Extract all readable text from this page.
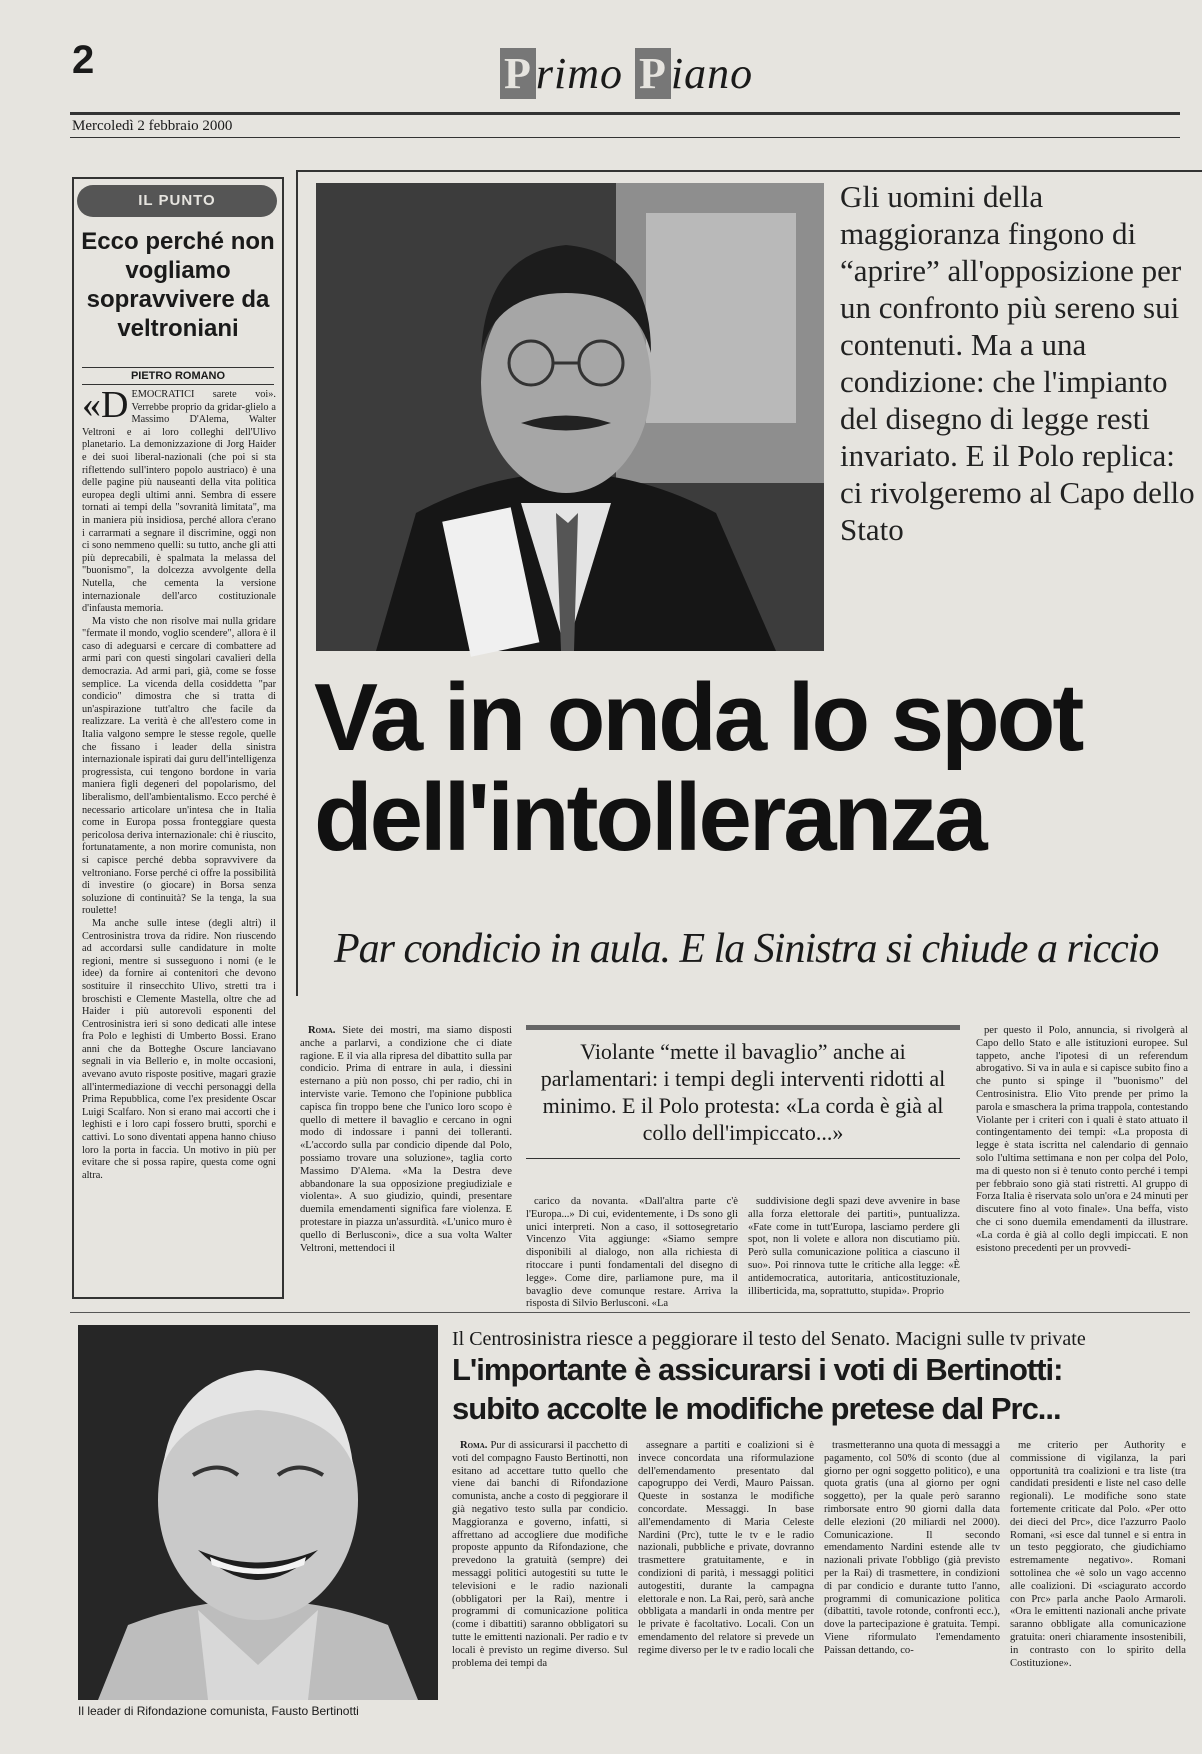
2	Primo Piano
Mercoledì 2 febbraio 2000
IL PUNTO
Ecco perché non vogliamo sopravvivere da veltroniani
PIETRO ROMANO

«DEMOCRATICI sarete voi». Verrebbe proprio da gridar-glielo a Massimo D'Alema, Walter Veltroni e ai loro colleghi dell'Ulivo planetario. La demonizzazione di Jorg Haider e dei suoi liberal-nazionali (che poi si sta riflettendo sull'intero popolo austriaco) è una delle pagine più nauseanti della vita politica europea degli ultimi anni. Sembra di essere tornati ai tempi della "sovranità limitata", ma in maniera più insidiosa, perché allora c'erano i carrarmati a segnare il discrimine, oggi non ci sono nemmeno quelli: su tutto, anche gli atti più deprecabili, è spalmata la melassa del "buonismo", la dolcezza avvolgente della Nutella, che cementa la versione internazionale dell'arco costituzionale d'infausta memoria.

Ma visto che non risolve mai nulla gridare "fermate il mondo, voglio scendere", allora è il caso di adeguarsi e cercare di combattere ad armi pari con questi singolari cavalieri della democrazia. Ad armi pari, già, come se fosse semplice. La vicenda della cosiddetta "par condicio" dimostra che si tratta di un'aspirazione tutt'altro che facile da realizzare. La verità è che all'estero come in Italia valgono sempre le stesse regole, quelle che fissano i leader della sinistra internazionale ispirati dai guru dell'intelligenza progressista, cui tengono bordone in varia maniera figli degeneri del popolarismo, del liberalismo, dell'ambientalismo. Ecco perché è necessario articolare un'intesa che in Italia come in Europa possa fronteggiare questa pericolosa deriva internazionale: chi è riuscito, fortunatamente, a non morire comunista, non si capisce perché debba sopravvivere da veltroniano. Forse perché ci offre la possibilità di investire (o giocare) in Borsa senza soluzione di continuità? Se la tenga, la sua roulette!

Ma anche sulle intese (degli altri) il Centrosinistra trova da ridire. Non riuscendo ad accordarsi sulle candidature in molte regioni, mentre si susseguono i nomi (e le idee) da fornire ai contenitori che devono sostituire il rinsecchito Ulivo, stretti tra i broschisti e Clemente Mastella, oltre che ad Haider i più autorevoli esponenti del Centrosinistra ieri si sono dedicati alle intese fra Polo e leghisti di Umberto Bossi. Erano anni che da Botteghe Oscure lanciavano segnali in via Bellerio e, in molte occasioni, avevano avuto risposte positive, magari grazie all'intermediazione di vecchi personaggi della Prima Repubblica, come l'ex presidente Oscar Luigi Scalfaro. Non si erano mai accorti che i leghisti e i loro capi fossero brutti, sporchi e cattivi. Lo sono diventati appena hanno chiuso loro la porta in faccia. Un motivo in più per evitare che si possa rapire, questa come ogni altra.

Gli uomini della maggioranza fingono di “aprire” all'opposizione per un confronto più sereno sui contenuti. Ma a una condizione: che l'impianto del disegno di legge resti invariato. E il Polo replica: ci rivolgeremo al Capo dello Stato
Va in onda lo spot
dell'intolleranza
Par condicio in aula. E la Sinistra si chiude a riccio

Roma. Siete dei mostri, ma siamo disposti anche a parlarvi, a condizione che ci diate ragione. E il via alla ripresa del dibattito sulla par condicio. Prima di entrare in aula, i diessini esternano a più non posso, chi per radio, chi in interviste varie. Temono che l'opinione pubblica capisca fin troppo bene che l'unico loro scopo è quello di mettere il bavaglio e cercano in ogni modo di indossare i panni dei tolleranti. «L'accordo sulla par condicio dipende dal Polo, possiamo trovare una soluzione», taglia corto Massimo D'Alema. «Ma la Destra deve abbandonare la sua opposizione pregiudiziale e violenta». A suo giudizio, quindi, presentare duemila emendamenti significa fare violenza. E protestare in piazza un'assurdità. «L'unico muro è quello di Berlusconi», dice a sua volta Walter Veltroni, mettendoci il

Violante “mette il bavaglio” anche ai parlamentari: i tempi degli interventi ridotti al minimo. E il Polo protesta: «La corda è già al collo dell'impiccato...»

carico da novanta. «Dall'altra parte c'è l'Europa...» Di cui, evidentemente, i Ds sono gli unici interpreti. Non a caso, il sottosegretario Vincenzo Vita aggiunge: «Siamo sempre disponibili al dialogo, non alla richiesta di ritoccare i punti fondamentali del disegno di legge». Come dire, parliamone pure, ma il bavaglio deve comunque restare. Arriva la risposta di Silvio Berlusconi. «La

suddivisione degli spazi deve avvenire in base alla forza elettorale dei partiti», puntualizza. «Fate come in tutt'Europa, lasciamo perdere gli spot, non li volete e allora non discutiamo più. Però sulla comunicazione politica a ciascuno il suo». Poi rinnova tutte le critiche alla legge: «È antidemocratica, autoritaria, anticostituzionale, illiberticida, ma, soprattutto, stupida». Proprio

per questo il Polo, annuncia, si rivolgerà al Capo dello Stato e alle istituzioni europee. Sul tappeto, anche l'ipotesi di un referendum abrogativo. Si va in aula e si capisce subito fino a che punto si spinge il "buonismo" del Centrosinistra. Elio Vito prende per primo la parola e smaschera la prima trappola, contestando Violante per i criteri con i quali è stato attuato il contingentamento dei tempi: «La proposta di legge è stata iscritta nel calendario di gennaio solo l'ultima settimana e non per colpa del Polo, ma di questo non si è tenuto conto perché i tempi per febbraio sono già stati ristretti. Al gruppo di Forza Italia è riservata solo un'ora e 24 minuti per discutere fino al voto finale». Una beffa, visto che ci sono duemila emendamenti da illustrare. «La corda è già al collo degli impiccati. E non esistono precedenti per un provvedi-

Il leader di Rifondazione comunista, Fausto Bertinotti
Il Centrosinistra riesce a peggiorare il testo del Senato. Macigni sulle tv private
L'importante è assicurarsi i voti di Bertinotti:
subito accolte le modifiche pretese dal Prc...

Roma. Pur di assicurarsi il pacchetto di voti del compagno Fausto Bertinotti, non esitano ad accettare tutto quello che viene dai banchi di Rifondazione comunista, anche a costo di peggiorare il già negativo testo sulla par condicio. Maggioranza e governo, infatti, si affrettano ad accogliere due modifiche proposte appunto da Rifondazione, che prevedono la gratuità (sempre) dei messaggi politici autogestiti su tutte le televisioni e le radio nazionali (obbligatori per la Rai), mentre i programmi di comunicazione politica (come i dibattiti) saranno obbligatori su tutte le emittenti nazionali. Per radio e tv locali è previsto un regime diverso. Sul problema dei tempi da

assegnare a partiti e coalizioni si è invece concordata una riformulazione dell'emendamento presentato dal capogruppo dei Verdi, Mauro Paissan. Queste in sostanza le modifiche concordate. Messaggi. In base all'emendamento di Maria Celeste Nardini (Prc), tutte le tv e le radio nazionali, pubbliche e private, dovranno trasmettere gratuitamente, e in condizioni di parità, i messaggi politici autogestiti, durante la campagna elettorale e non. La Rai, però, sarà anche obbligata a mandarli in onda mentre per le private è facoltativo. Locali. Con un emendamento del relatore si prevede un regime diverso per le tv e radio locali che

trasmetteranno una quota di messaggi a pagamento, col 50% di sconto (due al giorno per ogni soggetto politico), e una quota gratis (una al giorno per ogni soggetto), per la quale però saranno rimborsate entro 90 giorni dalla data delle elezioni (20 miliardi nel 2000). Comunicazione. Il secondo emendamento Nardini estende alle tv nazionali private l'obbligo (già previsto per la Rai) di trasmettere, in condizioni di par condicio e durante tutto l'anno, programmi di comunicazione politica (dibattiti, tavole rotonde, confronti ecc.), dove la partecipazione è gratuita. Tempi. Viene riformulato l'emendamento Paissan dettando, co-

me criterio per Authority e commissione di vigilanza, la pari opportunità tra coalizioni e tra liste (tra candidati presidenti e liste nel caso delle regionali). Le modifiche sono state fortemente criticate dal Polo. «Per otto dei dieci del Prc», dice l'azzurro Paolo Romani, «si esce dal tunnel e si entra in un testo peggiorato, che giudichiamo estremamente negativo». Romani sottolinea che «è solo un vago accenno alle coalizioni. Di «sciagurato accordo con Prc» parla anche Paolo Armaroli. «Ora le emittenti nazionali anche private saranno obbligate alla comunicazione gratuita: oneri chiaramente insostenibili, in contrasto con lo spirito della Costituzione».
